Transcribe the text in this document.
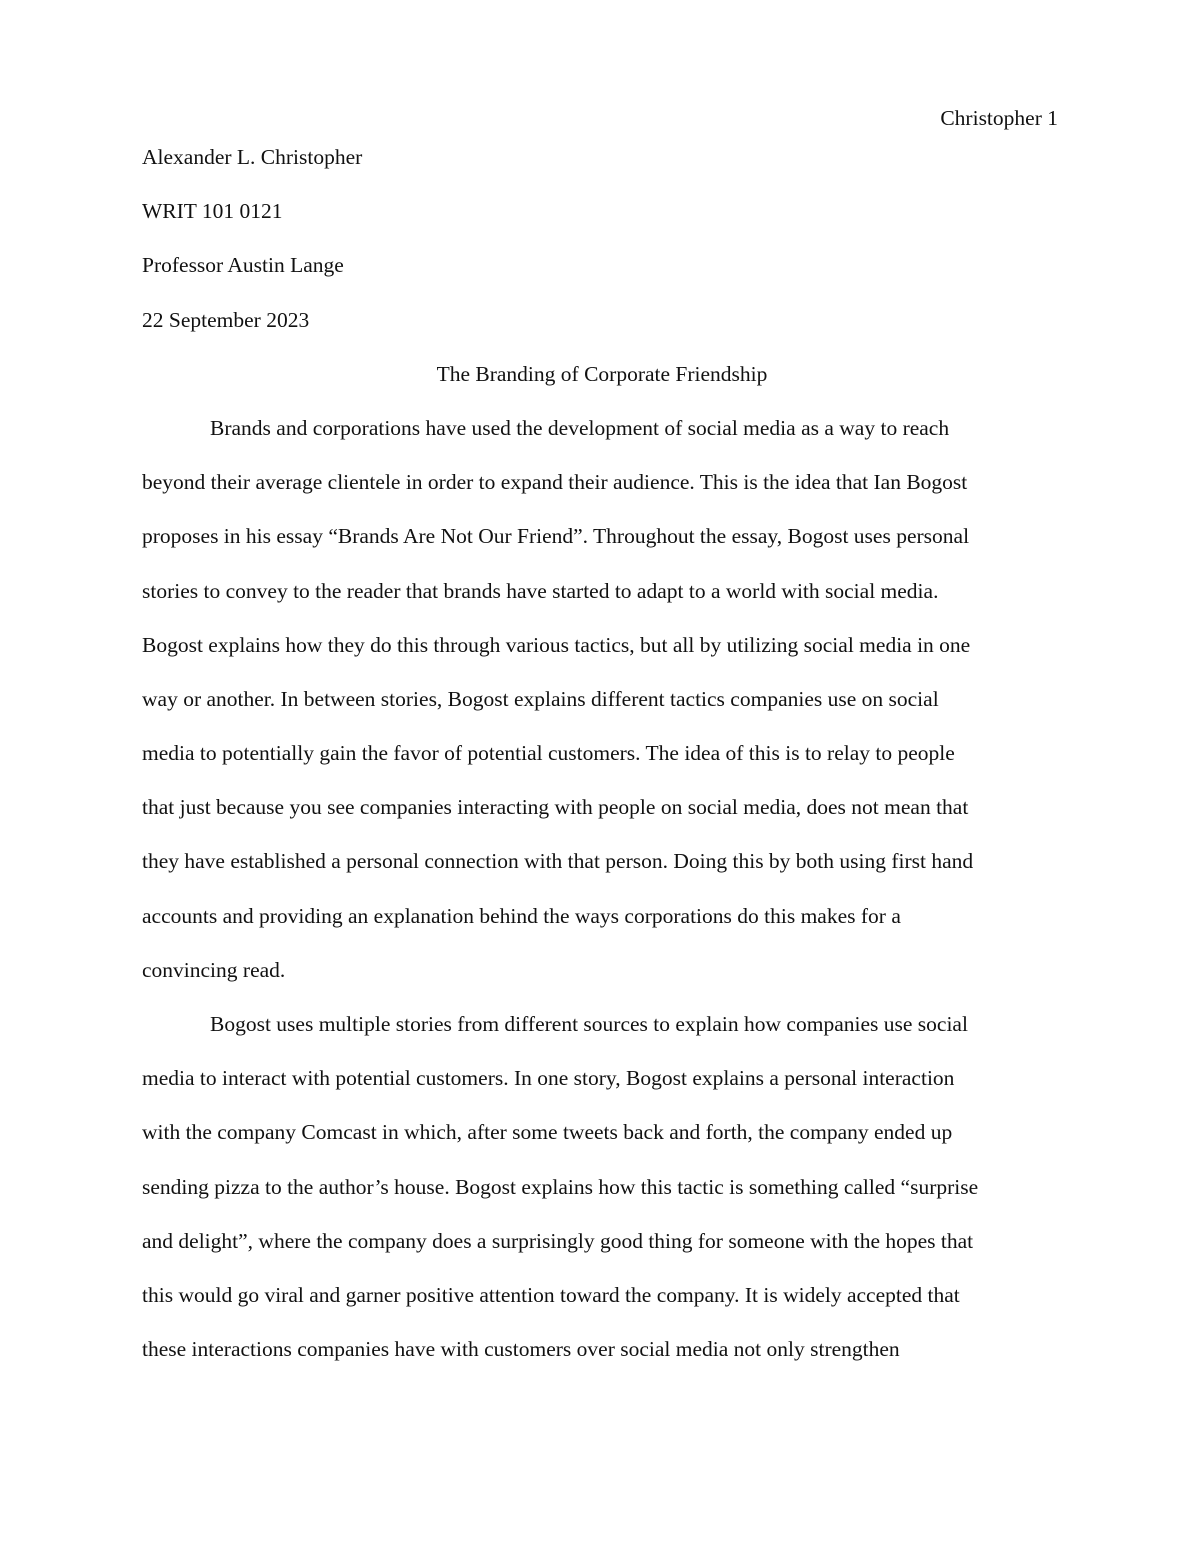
Christopher 1
Alexander L. Christopher
WRIT 101 0121
Professor Austin Lange
22 September 2023
The Branding of Corporate Friendship
Brands and corporations have used the development of social media as a way to reach
beyond their average clientele in order to expand their audience. This is the idea that Ian Bogost
proposes in his essay “Brands Are Not Our Friend”. Throughout the essay, Bogost uses personal
stories to convey to the reader that brands have started to adapt to a world with social media.
Bogost explains how they do this through various tactics, but all by utilizing social media in one
way or another. In between stories, Bogost explains different tactics companies use on social
media to potentially gain the favor of potential customers. The idea of this is to relay to people
that just because you see companies interacting with people on social media, does not mean that
they have established a personal connection with that person. Doing this by both using first hand
accounts and providing an explanation behind the ways corporations do this makes for a
convincing read.
Bogost uses multiple stories from different sources to explain how companies use social
media to interact with potential customers. In one story, Bogost explains a personal interaction
with the company Comcast in which, after some tweets back and forth, the company ended up
sending pizza to the author’s house. Bogost explains how this tactic is something called “surprise
and delight”, where the company does a surprisingly good thing for someone with the hopes that
this would go viral and garner positive attention toward the company. It is widely accepted that
these interactions companies have with customers over social media not only strengthen
